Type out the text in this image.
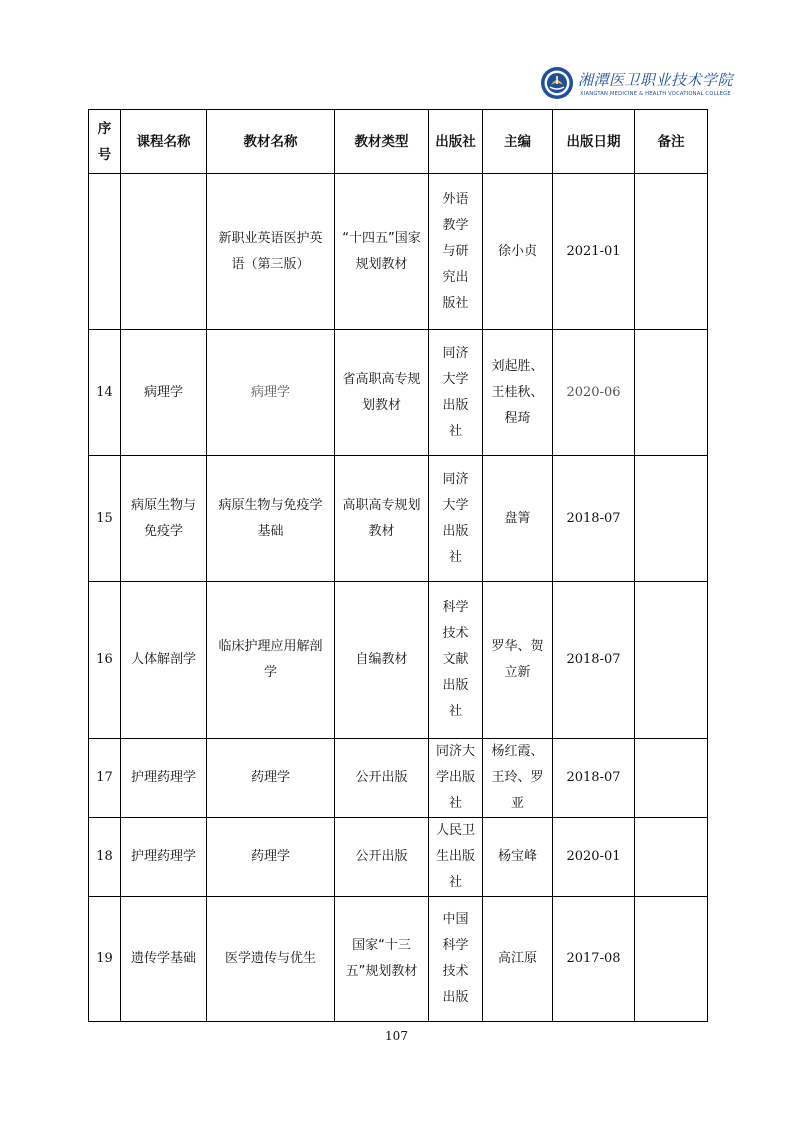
湘潭医卫职业技术学院
XIANGTAN MEDICINE & HEALTH VOCATIONAL COLLEGE
序号	课程名称	教材名称	教材类型	出版社	主编	出版日期	备注
		新职业英语医护英语（第三版）	“十四五”国家规划教材	外语教学与研究出版社	徐小贞	2021-01	
14	病理学	病理学	省高职高专规划教材	同济大学出版社	刘起胜、王桂秋、程琦	2020-06	
15	病原生物与免疫学	病原生物与免疫学基础	高职高专规划教材	同济大学出版社	盘箐	2018-07	
16	人体解剖学	临床护理应用解剖学	自编教材	科学技术文献出版社	罗华、贺立新	2018-07	
17	护理药理学	药理学	公开出版	同济大学出版社	杨红霞、王玲、罗亚	2018-07	
18	护理药理学	药理学	公开出版	人民卫生出版社	杨宝峰	2020-01	
19	遗传学基础	医学遗传与优生	国家“十三五”规划教材	中国科学技术出版	高江原	2017-08	
107
